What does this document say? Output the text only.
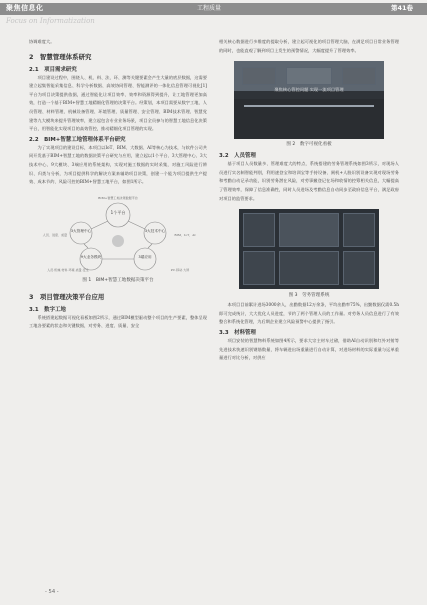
聚焦信息化	工程质量	第41卷
Focus on Informatization

协调难度大。

2　智慧管理体系研究
2.1　项目需求研究

项目建设过程中，围绕人、机、料、法、环、测等关键要素会产生大量的底层数据，这需要建立起集智能采集信息、科学分析数据、高效协同管理、智能测评的一体化信息管理可视化[1]平台为项目决策提供依据，通过智能化让项目效率、效率和资源得到提升，让工地管理更加高效，打造一个基于BIM+智慧工地精细化管理的决策平台。经策划，本项目需要从数字工地、人员管理、材料管理、机械设备管理、环境管理、质量管理、安全管理、BIM技术管理、智慧党建等九大模块来提升管理效率，建立起包含专业业务场景，项目全员参与的智慧工地信息化决策平台，用智能化实现项目的高效管控，推动精细化项目管理的实现。

2.2　BIM+智慧工地管理体系平台研究

为了实现项目的建设目标，本项目以IoT、BIM、大数据、AI等核心为技术，与软件公司共同开发基于BIM+智慧工地的数据决策平台研究与应用，建立起以1个平台、3大管理中心、3大技术中心、9大模块、3端应用的系统架构，实现对施工数据的实时采集，对施工风险进行辨识、归类与分析，为项目提供科学的解决方案来辅助项目决策，创建一个能为项目提供生产提效、成本节约、风险可控的BIM+智慧工地平台，如图1所示。

1个平台
BIM+智慧工地决策数据平台
3大管理中心
人员、进度、质量
3大技术中心
BIM、IoT、AI
9大业务模块
人员·机械·材料·环境·质量·安全
3端应用
PC·移动·大屏
图 1　BIM+智慧工地数据决策平台
3　项目管理决策平台应用
3.1　数字工地

系统搭建起数据可视化看板如图2所示，通过BIM模型驱动整个项目的生产要素，整体呈现工地各要素的状态和关键数据，对劳务、进度、质量、安全

相关核心数据进行多维度的提取分析，建立起可视化的项目管理大脑，在满足项目日常业务管理的同时，也能直观了解到项目上发生的预警情况，大幅度提升了管理效率。

聚焦核心管控问题 实现一流项目管理
图 2　数字可视化看板
3.2　人员管理

基于项目人员数量多、管理难度大的特点，系统搭建的劳务管理系统如图3所示，对现场人员进行实名制智能判别，利用速登宝和培训宝等手持设备、闸机+人脸识别设备实现对现场劳务和考勤自动记录功能，识别劳务潜在风险，对劳事撤登记在场和收情的控筹相关信息，大幅提高了管理效率，保障了信息准确性，同时人员进场及考勤信息自动同步至政府信息平台，满足政府对项目的监管要求。

图 3　劳务管理系统

本项目目前累计进场3000余人，出勤数据12万余条，平均出勤率75%，出勤数据仅需0.5h即可完成统计，大大优化人员进度，节约了两个管理人员的工作量。对劳务人员信息进行了有效整合和系统化管理，为后期企业建立风险预警中心提供了指引。

3.3　材料管理

项目安装的智慧物料系统如图4所示，要求大宗主材车过磅，借助AI自动识别和红外对射等先进技术快速识别钢筋数量，将车辆进出场重量进行自动计算，对进场材料的实际重量与运单重量进行对比分析，对供应

- 54 -
